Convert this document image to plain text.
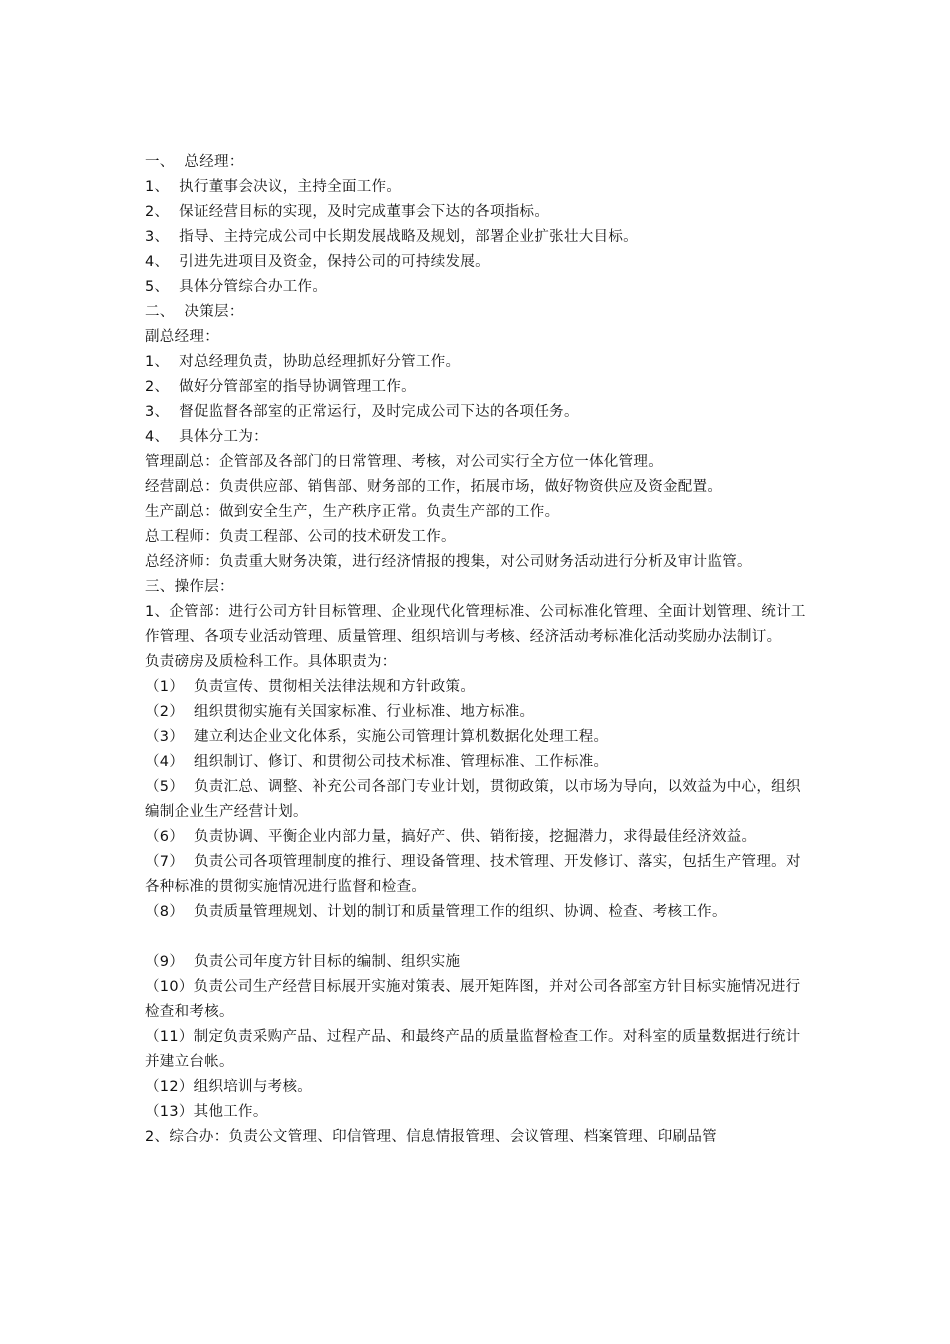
一、  总经理：
1、  执行董事会决议，主持全面工作。
2、  保证经营目标的实现，及时完成董事会下达的各项指标。
3、  指导、主持完成公司中长期发展战略及规划，部署企业扩张壮大目标。
4、  引进先进项目及资金，保持公司的可持续发展。
5、  具体分管综合办工作。
二、  决策层：
副总经理：
1、  对总经理负责，协助总经理抓好分管工作。
2、  做好分管部室的指导协调管理工作。
3、  督促监督各部室的正常运行，及时完成公司下达的各项任务。
4、  具体分工为：
管理副总：企管部及各部门的日常管理、考核，对公司实行全方位一体化管理。
经营副总：负责供应部、销售部、财务部的工作，拓展市场，做好物资供应及资金配置。
生产副总：做到安全生产，生产秩序正常。负责生产部的工作。
总工程师：负责工程部、公司的技术研发工作。
总经济师：负责重大财务决策，进行经济情报的搜集，对公司财务活动进行分析及审计监管。
三、操作层：
1、企管部：进行公司方针目标管理、企业现代化管理标准、公司标准化管理、全面计划管理、统计工作管理、各项专业活动管理、质量管理、组织培训与考核、经济活动考标准化活动奖励办法制订。
负责磅房及质检科工作。具体职责为：
（1）  负责宣传、贯彻相关法律法规和方针政策。
（2）  组织贯彻实施有关国家标准、行业标准、地方标准。
（3）  建立利达企业文化体系，实施公司管理计算机数据化处理工程。
（4）  组织制订、修订、和贯彻公司技术标准、管理标准、工作标准。
（5）  负责汇总、调整、补充公司各部门专业计划，贯彻政策，以市场为导向，以效益为中心，组织编制企业生产经营计划。
（6）  负责协调、平衡企业内部力量，搞好产、供、销衔接，挖掘潜力，求得最佳经济效益。
（7）  负责公司各项管理制度的推行、理设备管理、技术管理、开发修订、落实，包括生产管理。对各种标准的贯彻实施情况进行监督和检查。
（8）  负责质量管理规划、计划的制订和质量管理工作的组织、协调、检查、考核工作。
（9）  负责公司年度方针目标的编制、组织实施
（10）负责公司生产经营目标展开实施对策表、展开矩阵图，并对公司各部室方针目标实施情况进行检查和考核。
（11）制定负责采购产品、过程产品、和最终产品的质量监督检查工作。对科室的质量数据进行统计并建立台帐。
（12）组织培训与考核。
（13）其他工作。
2、综合办：负责公文管理、印信管理、信息情报管理、会议管理、档案管理、印刷品管
